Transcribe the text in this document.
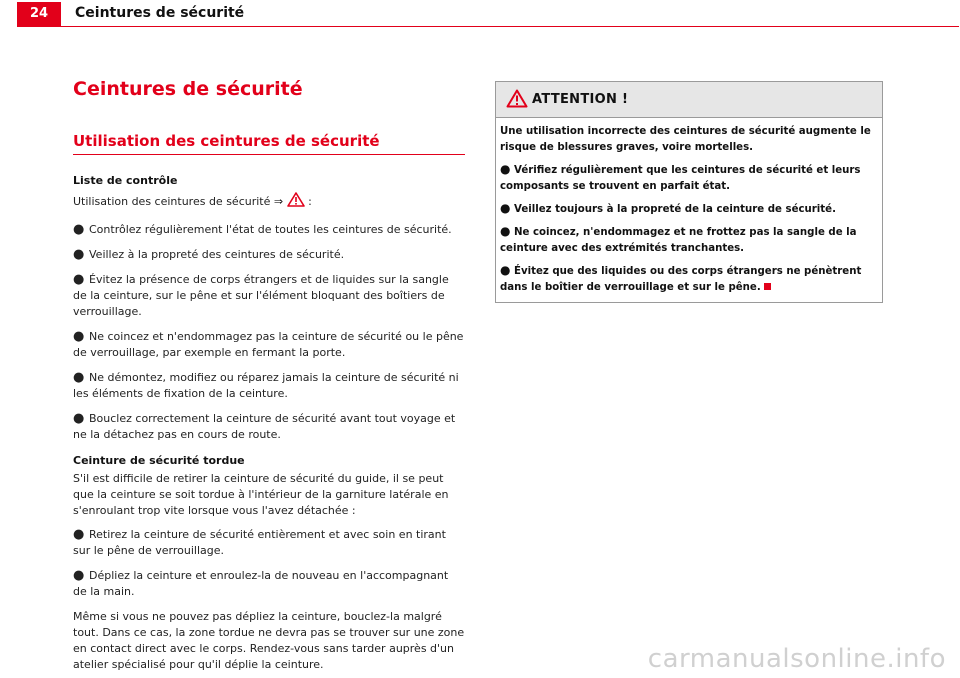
24	Ceintures de sécurité
Ceintures de sécurité
Utilisation des ceintures de sécurité
Liste de contrôle
Utilisation des ceintures de sécurité ⇒ :
● Contrôlez régulièrement l'état de toutes les ceintures de sécurité.
● Veillez à la propreté des ceintures de sécurité.
● Évitez la présence de corps étrangers et de liquides sur la sangle de la ceinture, sur le pêne et sur l'élément bloquant des boîtiers de verrouillage.
● Ne coincez et n'endommagez pas la ceinture de sécurité ou le pêne de verrouillage, par exemple en fermant la porte.
● Ne démontez, modifiez ou réparez jamais la ceinture de sécurité ni les éléments de fixation de la ceinture.
● Bouclez correctement la ceinture de sécurité avant tout voyage et ne la détachez pas en cours de route.
Ceinture de sécurité tordue
S'il est difficile de retirer la ceinture de sécurité du guide, il se peut que la ceinture se soit tordue à l'intérieur de la garniture latérale en s'enroulant trop vite lorsque vous l'avez détachée :
● Retirez la ceinture de sécurité entièrement et avec soin en tirant sur le pêne de verrouillage.
● Dépliez la ceinture et enroulez-la de nouveau en l'accompagnant de la main.
Même si vous ne pouvez pas dépliez la ceinture, bouclez-la malgré tout. Dans ce cas, la zone tordue ne devra pas se trouver sur une zone en contact direct avec le corps. Rendez-vous sans tarder auprès d'un atelier spécialisé pour qu'il déplie la ceinture.
ATTENTION !
Une utilisation incorrecte des ceintures de sécurité augmente le risque de blessures graves, voire mortelles.
● Vérifiez régulièrement que les ceintures de sécurité et leurs composants se trouvent en parfait état.
● Veillez toujours à la propreté de la ceinture de sécurité.
● Ne coincez, n'endommagez et ne frottez pas la sangle de la ceinture avec des extrémités tranchantes.
● Évitez que des liquides ou des corps étrangers ne pénètrent dans le boîtier de verrouillage et sur le pêne.
carmanualsonline.info
